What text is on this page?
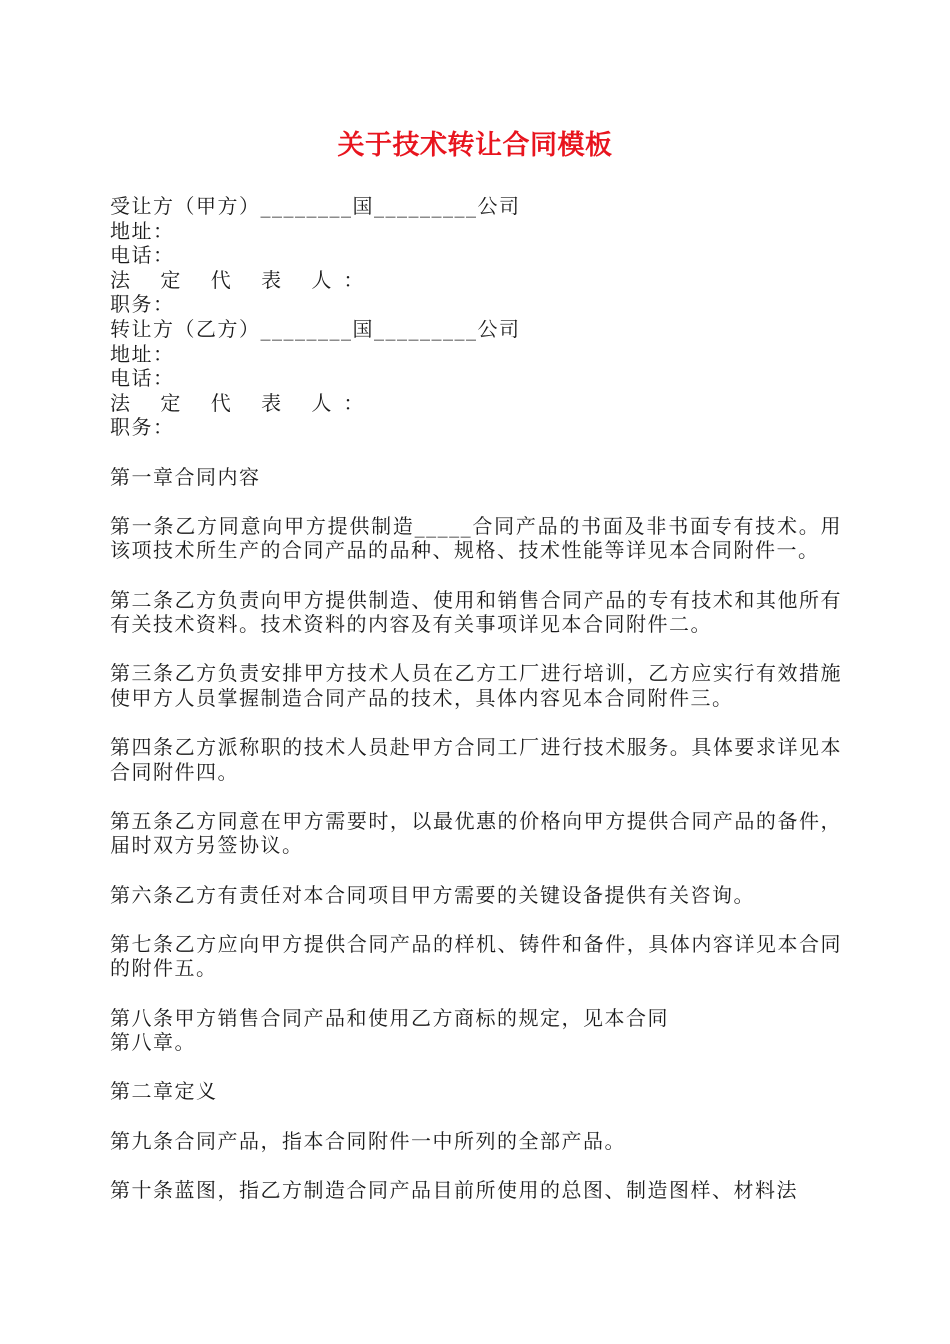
关于技术转让合同模板
受让方（甲方）________国_________公司
地址：
电话：
法 定 代 表 人：
职务：
转让方（乙方）________国_________公司
地址：
电话：
法 定 代 表 人：
职务：
第一章合同内容
第一条乙方同意向甲方提供制造_____合同产品的书面及非书面专有技术。用该项技术所生产的合同产品的品种、规格、技术性能等详见本合同附件一。
第二条乙方负责向甲方提供制造、使用和销售合同产品的专有技术和其他所有有关技术资料。技术资料的内容及有关事项详见本合同附件二。
第三条乙方负责安排甲方技术人员在乙方工厂进行培训，乙方应实行有效措施使甲方人员掌握制造合同产品的技术，具体内容见本合同附件三。
第四条乙方派称职的技术人员赴甲方合同工厂进行技术服务。具体要求详见本合同附件四。
第五条乙方同意在甲方需要时，以最优惠的价格向甲方提供合同产品的备件，届时双方另签协议。
第六条乙方有责任对本合同项目甲方需要的关键设备提供有关咨询。
第七条乙方应向甲方提供合同产品的样机、铸件和备件，具体内容详见本合同的附件五。
第八条甲方销售合同产品和使用乙方商标的规定，见本合同
第八章。
第二章定义
第九条合同产品，指本合同附件一中所列的全部产品。
第十条蓝图，指乙方制造合同产品目前所使用的总图、制造图样、材料法
